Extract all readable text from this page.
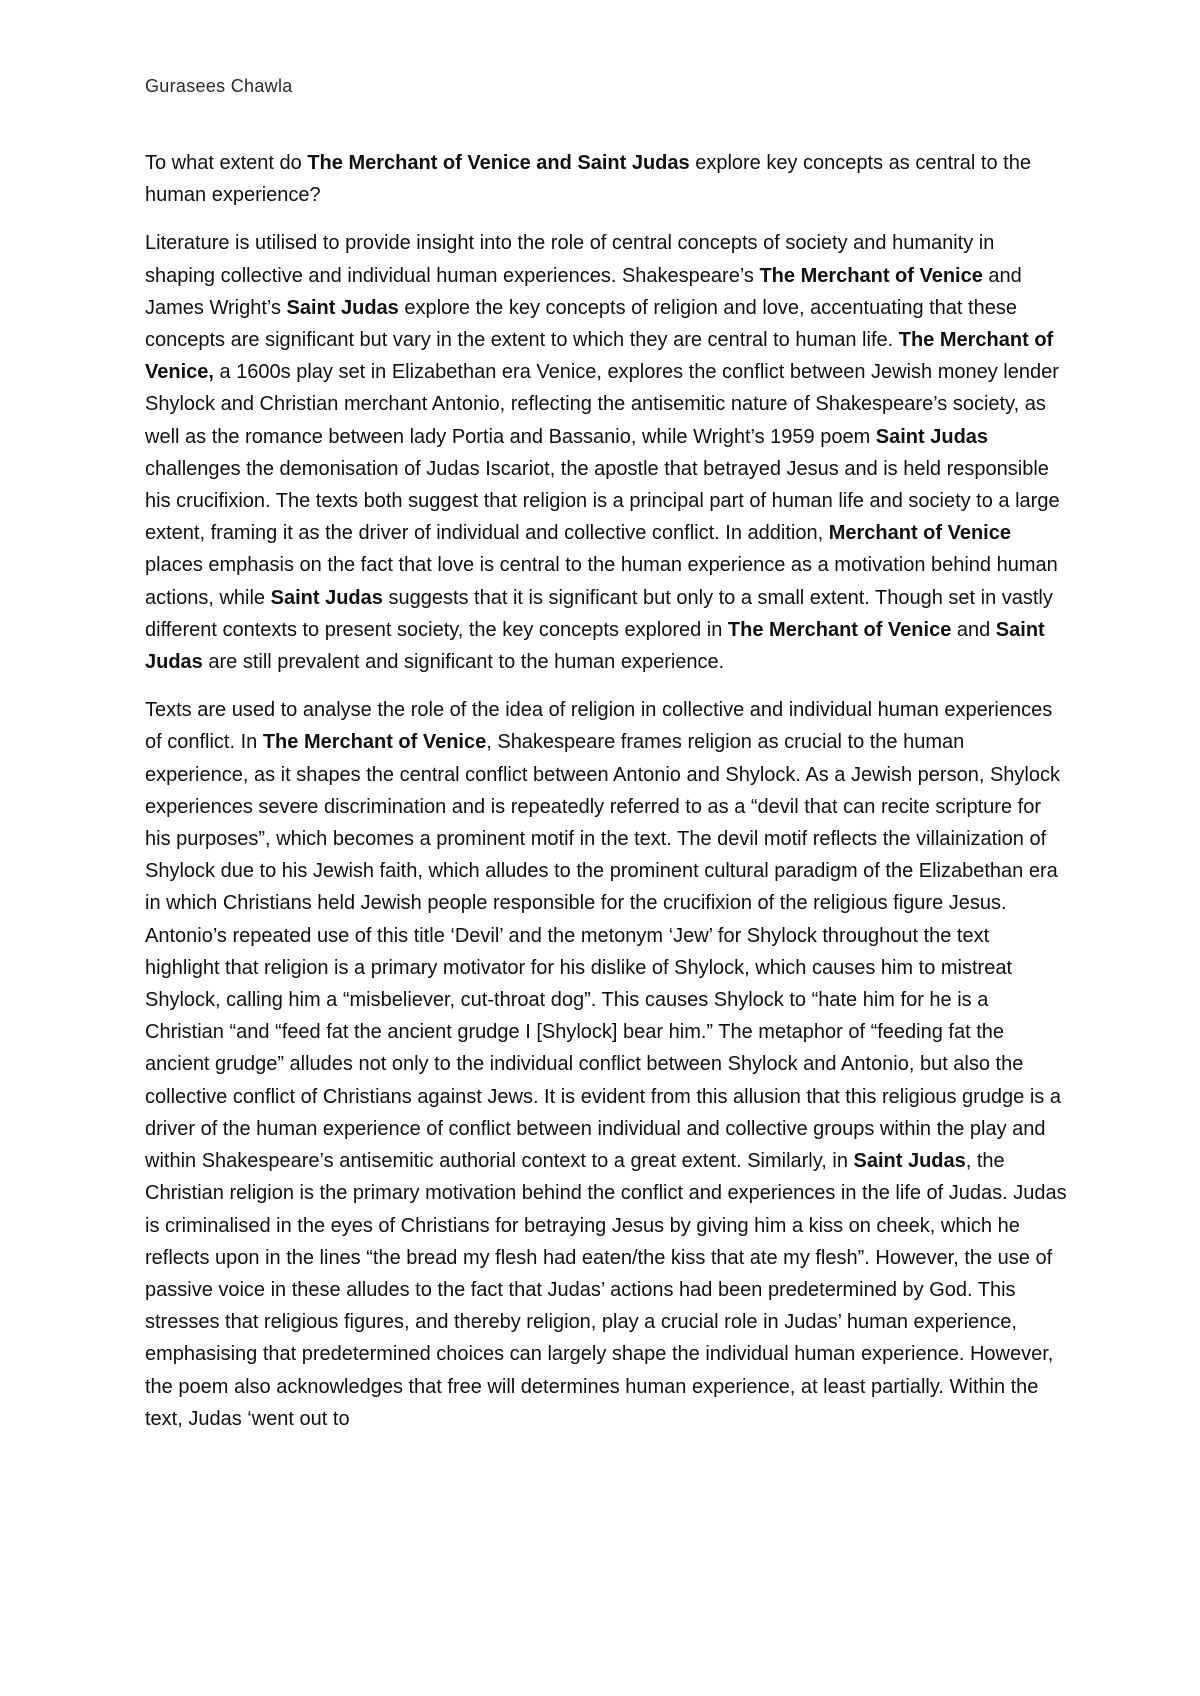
Gurasees Chawla

To what extent do The Merchant of Venice and Saint Judas explore key concepts as central to the human experience?

Literature is utilised to provide insight into the role of central concepts of society and humanity in shaping collective and individual human experiences. Shakespeare’s The Merchant of Venice and James Wright’s Saint Judas explore the key concepts of religion and love, accentuating that these concepts are significant but vary in the extent to which they are central to human life. The Merchant of Venice, a 1600s play set in Elizabethan era Venice, explores the conflict between Jewish money lender Shylock and Christian merchant Antonio, reflecting the antisemitic nature of Shakespeare’s society, as well as the romance between lady Portia and Bassanio, while Wright’s 1959 poem Saint Judas challenges the demonisation of Judas Iscariot, the apostle that betrayed Jesus and is held responsible his crucifixion. The texts both suggest that religion is a principal part of human life and society to a large extent, framing it as the driver of individual and collective conflict. In addition, Merchant of Venice places emphasis on the fact that love is central to the human experience as a motivation behind human actions, while Saint Judas suggests that it is significant but only to a small extent. Though set in vastly different contexts to present society, the key concepts explored in The Merchant of Venice and Saint Judas are still prevalent and significant to the human experience.

Texts are used to analyse the role of the idea of religion in collective and individual human experiences of conflict. In The Merchant of Venice, Shakespeare frames religion as crucial to the human experience, as it shapes the central conflict between Antonio and Shylock. As a Jewish person, Shylock experiences severe discrimination and is repeatedly referred to as a “devil that can recite scripture for his purposes”, which becomes a prominent motif in the text. The devil motif reflects the villainization of Shylock due to his Jewish faith, which alludes to the prominent cultural paradigm of the Elizabethan era in which Christians held Jewish people responsible for the crucifixion of the religious figure Jesus. Antonio’s repeated use of this title ‘Devil’ and the metonym ‘Jew’ for Shylock throughout the text highlight that religion is a primary motivator for his dislike of Shylock, which causes him to mistreat Shylock, calling him a “misbeliever, cut-throat dog”. This causes Shylock to “hate him for he is a Christian “and “feed fat the ancient grudge I [Shylock] bear him.” The metaphor of “feeding fat the ancient grudge” alludes not only to the individual conflict between Shylock and Antonio, but also the collective conflict of Christians against Jews. It is evident from this allusion that this religious grudge is a driver of the human experience of conflict between individual and collective groups within the play and within Shakespeare’s antisemitic authorial context to a great extent. Similarly, in Saint Judas, the Christian religion is the primary motivation behind the conflict and experiences in the life of Judas. Judas is criminalised in the eyes of Christians for betraying Jesus by giving him a kiss on cheek, which he reflects upon in the lines “the bread my flesh had eaten/the kiss that ate my flesh”. However, the use of passive voice in these alludes to the fact that Judas’ actions had been predetermined by God. This stresses that religious figures, and thereby religion, play a crucial role in Judas’ human experience, emphasising that predetermined choices can largely shape the individual human experience. However, the poem also acknowledges that free will determines human experience, at least partially. Within the text, Judas ‘went out to
